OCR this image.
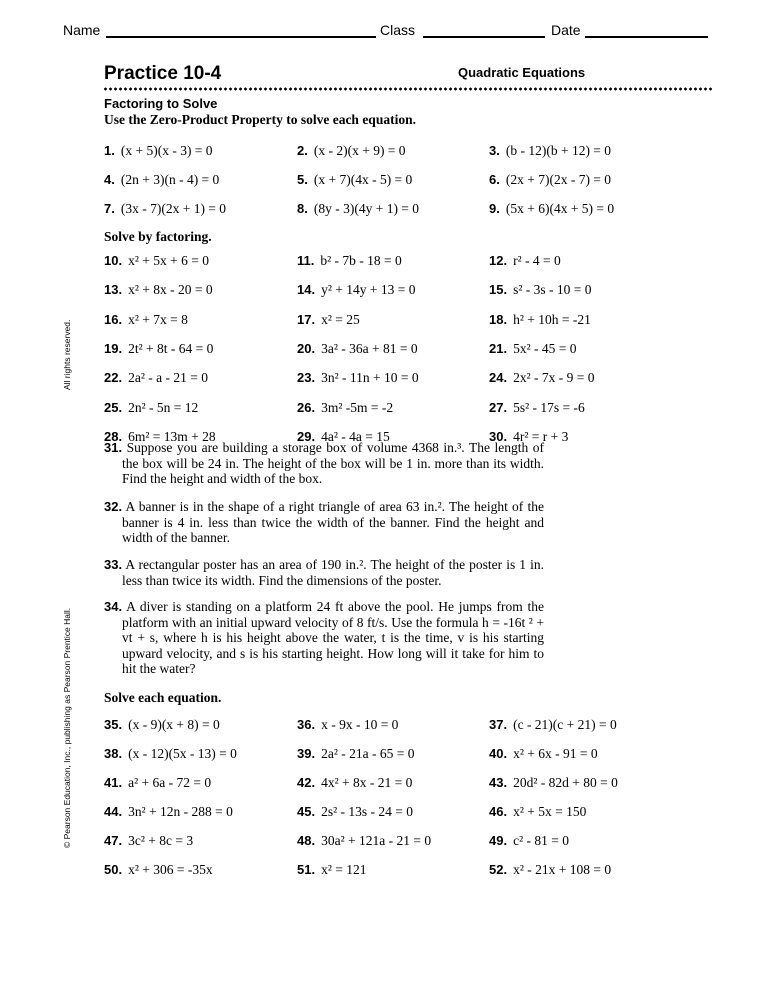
Name	Class	Date
Practice 10-4	Quadratic Equations
Factoring to Solve
Use the Zero-Product Property to solve each equation.
1. (x + 5)(x - 3) = 0	2. (x - 2)(x + 9) = 0	3. (b - 12)(b + 12) = 0
4. (2n + 3)(n - 4) = 0	5. (x + 7)(4x - 5) = 0	6. (2x + 7)(2x - 7) = 0
7. (3x - 7)(2x + 1) = 0	8. (8y - 3)(4y + 1) = 0	9. (5x + 6)(4x + 5) = 0
Solve by factoring.
10. x² + 5x + 6 = 0	11. b² - 7b - 18 = 0	12. r² - 4 = 0
13. x² + 8x - 20 = 0	14. y² + 14y + 13 = 0	15. s² - 3s - 10 = 0
16. x² + 7x = 8	17. x² = 25	18. h² + 10h = -21
19. 2t² + 8t - 64 = 0	20. 3a² - 36a + 81 = 0	21. 5x² - 45 = 0
22. 2a² - a - 21 = 0	23. 3n² - 11n + 10 = 0	24. 2x² - 7x - 9 = 0
25. 2n² - 5n = 12	26. 3m² -5m = -2	27. 5s² - 17s = -6
28. 6m² = 13m + 28	29. 4a² - 4a = 15	30. 4r² = r + 3
31. Suppose you are building a storage box of volume 4368 in.³. The length of the box will be 24 in. The height of the box will be 1 in. more than its width. Find the height and width of the box.
32. A banner is in the shape of a right triangle of area 63 in.². The height of the banner is 4 in. less than twice the width of the banner. Find the height and width of the banner.
33. A rectangular poster has an area of 190 in.². The height of the poster is 1 in. less than twice its width. Find the dimensions of the poster.
34. A diver is standing on a platform 24 ft above the pool. He jumps from the platform with an initial upward velocity of 8 ft/s. Use the formula h = -16t ² + vt + s, where h is his height above the water, t is the time, v is his starting upward velocity, and s is his starting height. How long will it take for him to hit the water?
Solve each equation.
35. (x - 9)(x + 8) = 0	36. x - 9x - 10 = 0	37. (c - 21)(c + 21) = 0
38. (x - 12)(5x - 13) = 0	39. 2a² - 21a - 65 = 0	40. x² + 6x - 91 = 0
41. a² + 6a - 72 = 0	42. 4x² + 8x - 21 = 0	43. 20d² - 82d + 80 = 0
44. 3n² + 12n - 288 = 0	45. 2s² - 13s - 24 = 0	46. x² + 5x = 150
47. 3c² + 8c = 3	48. 30a² + 121a - 21 = 0	49. c² - 81 = 0
50. x² + 306 = -35x	51. x² = 121	52. x² - 21x + 108 = 0
All rights reserved.
© Pearson Education, Inc., publishing as Pearson Prentice Hall.
